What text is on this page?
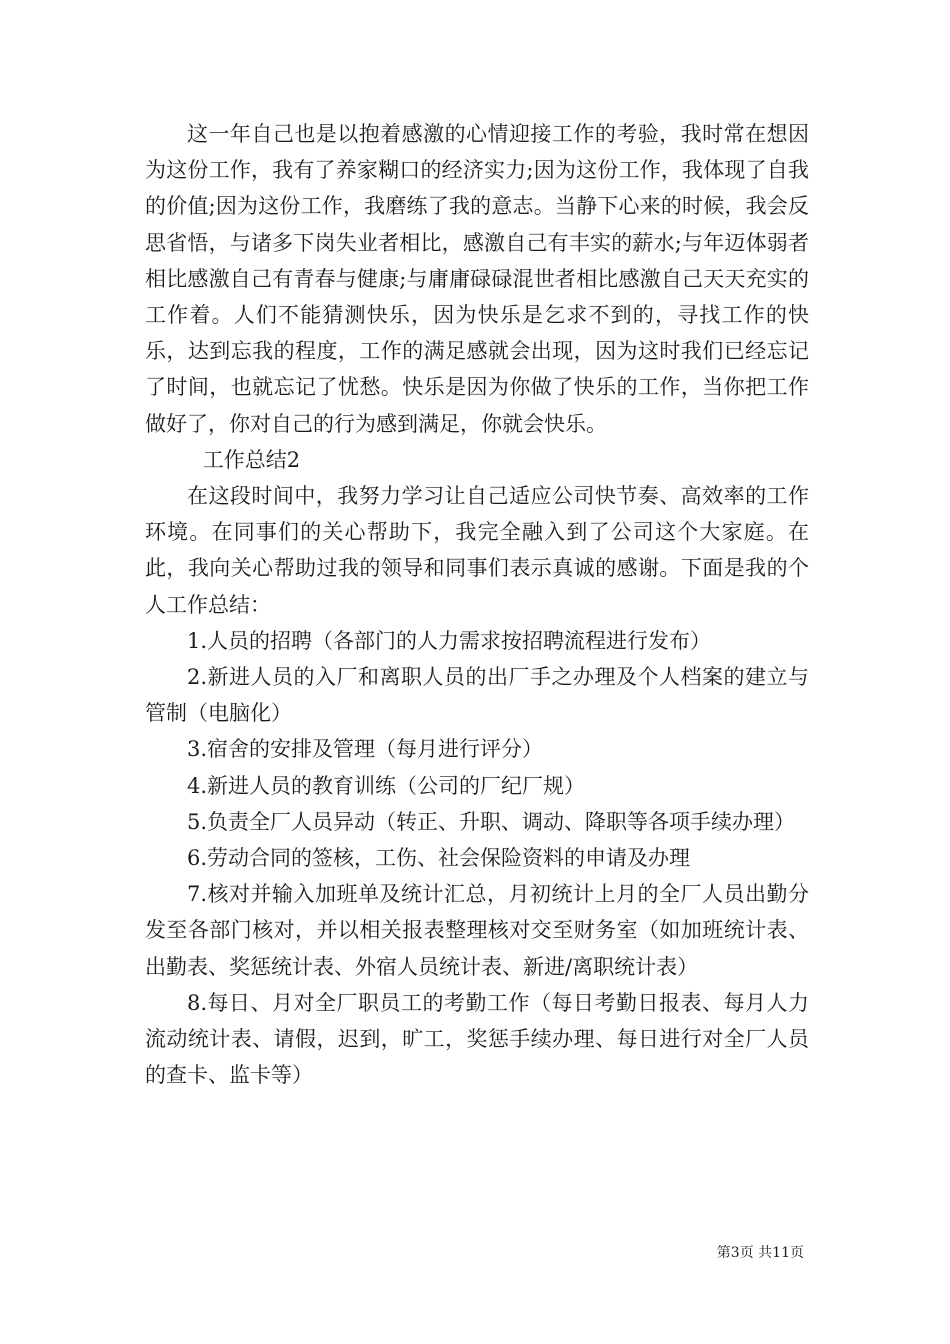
这一年自己也是以抱着感激的心情迎接工作的考验，我时常在想因为这份工作，我有了养家糊口的经济实力;因为这份工作，我体现了自我的价值;因为这份工作，我磨练了我的意志。当静下心来的时候，我会反思省悟，与诸多下岗失业者相比，感激自己有丰实的薪水;与年迈体弱者相比感激自己有青春与健康;与庸庸碌碌混世者相比感激自己天天充实的工作着。人们不能猜测快乐，因为快乐是乞求不到的，寻找工作的快乐，达到忘我的程度，工作的满足感就会出现，因为这时我们已经忘记了时间，也就忘记了忧愁。快乐是因为你做了快乐的工作，当你把工作做好了，你对自己的行为感到满足，你就会快乐。

工作总结2

在这段时间中，我努力学习让自己适应公司快节奏、高效率的工作环境。在同事们的关心帮助下，我完全融入到了公司这个大家庭。在此，我向关心帮助过我的领导和同事们表示真诚的感谢。下面是我的个人工作总结：

1.人员的招聘（各部门的人力需求按招聘流程进行发布）

2.新进人员的入厂和离职人员的出厂手之办理及个人档案的建立与管制（电脑化）

3.宿舍的安排及管理（每月进行评分）

4.新进人员的教育训练（公司的厂纪厂规）

5.负责全厂人员异动（转正、升职、调动、降职等各项手续办理）

6.劳动合同的签核，工伤、社会保险资料的申请及办理

7.核对并输入加班单及统计汇总，月初统计上月的全厂人员出勤分发至各部门核对，并以相关报表整理核对交至财务室（如加班统计表、出勤表、奖惩统计表、外宿人员统计表、新进/离职统计表）

8.每日、月对全厂职员工的考勤工作（每日考勤日报表、每月人力流动统计表、请假，迟到，旷工，奖惩手续办理、每日进行对全厂人员的查卡、监卡等）

第3页 共11页
